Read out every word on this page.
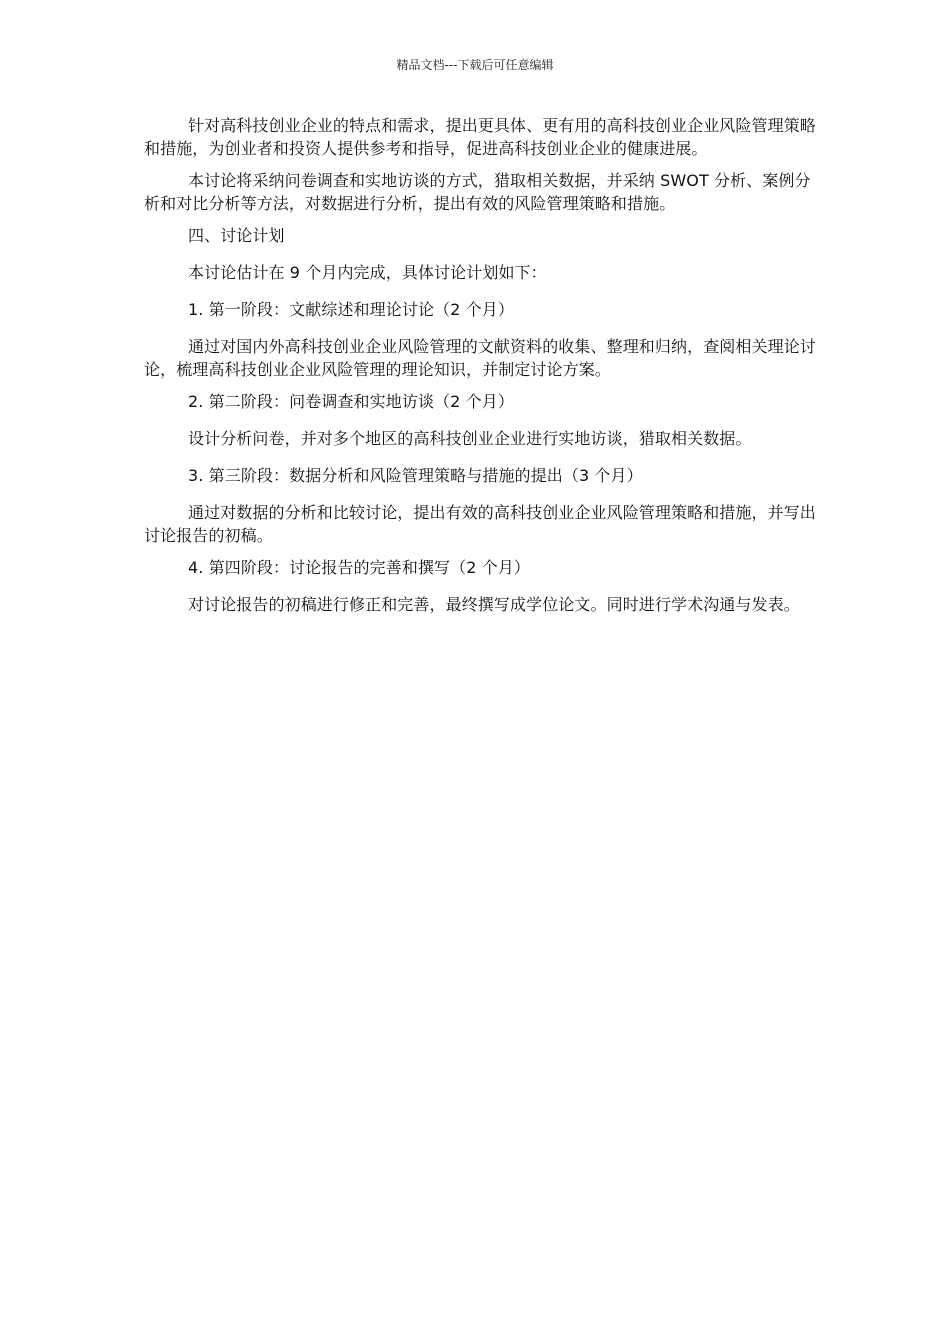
精品文档---下载后可任意编辑

针对高科技创业企业的特点和需求，提出更具体、更有用的高科技创业企业风险管理策略和措施，为创业者和投资人提供参考和指导，促进高科技创业企业的健康进展。

本讨论将采纳问卷调查和实地访谈的方式，猎取相关数据，并采纳 SWOT 分析、案例分析和对比分析等方法，对数据进行分析，提出有效的风险管理策略和措施。

四、讨论计划

本讨论估计在 9 个月内完成，具体讨论计划如下：

1. 第一阶段：文献综述和理论讨论（2 个月）

通过对国内外高科技创业企业风险管理的文献资料的收集、整理和归纳，查阅相关理论讨论，梳理高科技创业企业风险管理的理论知识，并制定讨论方案。

2. 第二阶段：问卷调查和实地访谈（2 个月）

设计分析问卷，并对多个地区的高科技创业企业进行实地访谈，猎取相关数据。

3. 第三阶段：数据分析和风险管理策略与措施的提出（3 个月）

通过对数据的分析和比较讨论，提出有效的高科技创业企业风险管理策略和措施，并写出讨论报告的初稿。

4. 第四阶段：讨论报告的完善和撰写（2 个月）

对讨论报告的初稿进行修正和完善，最终撰写成学位论文。同时进行学术沟通与发表。
